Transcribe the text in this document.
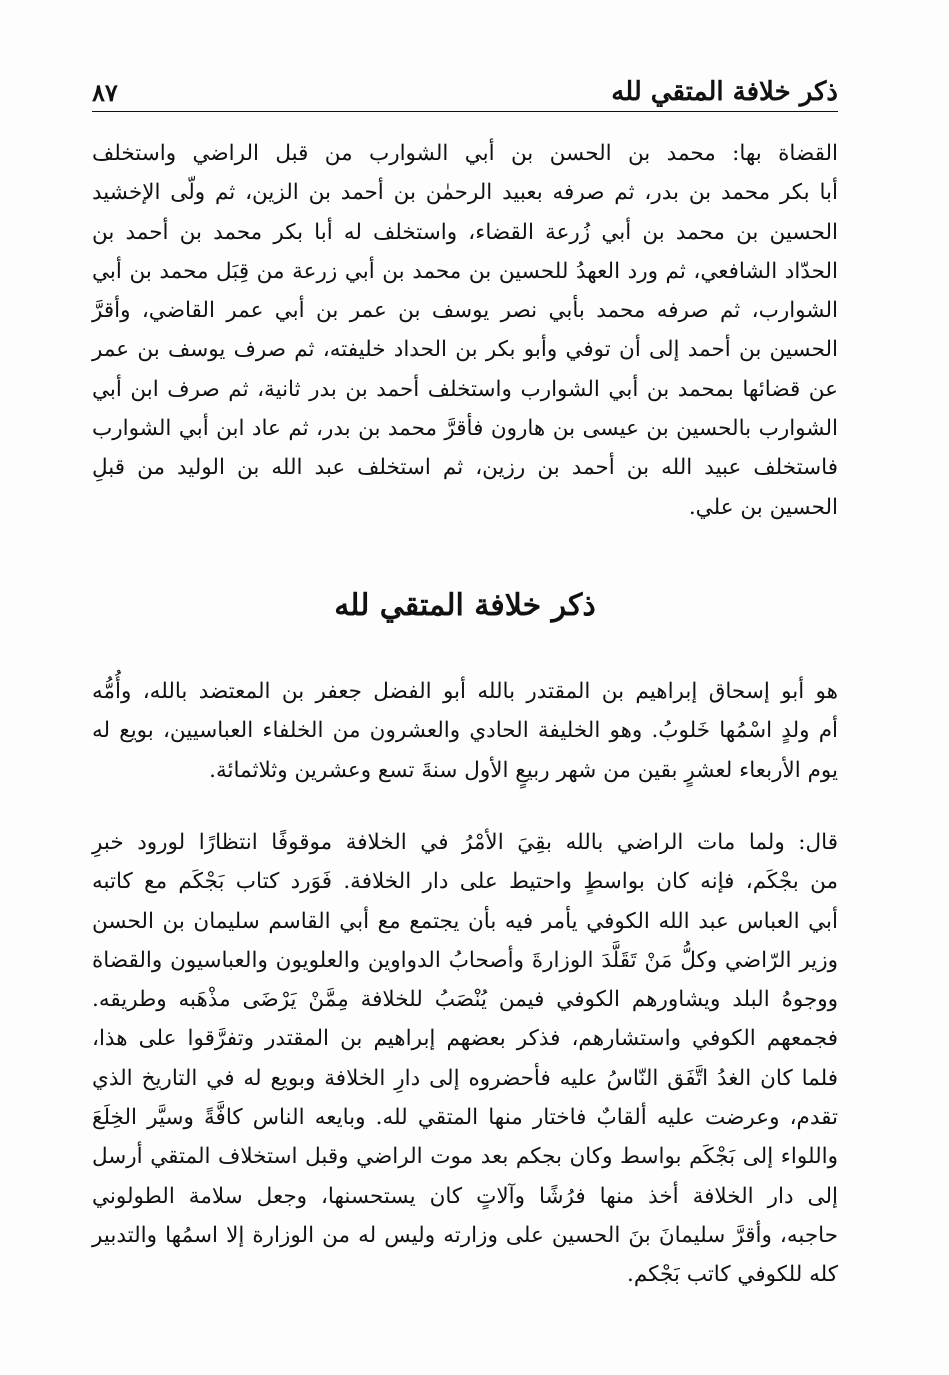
ذكر خلافة المتقي لله
٨٧

القضاة بها: محمد بن الحسن بن أبي الشوارب من قبل الراضي واستخلف
أبا بكر محمد بن بدر، ثم صرفه بعبيد الرحمٰن بن أحمد بن الزين، ثم ولّى الإخشيد
الحسين بن محمد بن أبي زُرعة القضاء، واستخلف له أبا بكر محمد بن أحمد بن
الحدّاد الشافعي، ثم ورد العهدُ للحسين بن محمد بن أبي زرعة من قِبَل محمد بن أبي
الشوارب، ثم صرفه محمد بأبي نصر يوسف بن عمر بن أبي عمر القاضي، وأقرَّ
الحسين بن أحمد إلى أن توفي وأبو بكر بن الحداد خليفته، ثم صرف يوسف بن عمر
عن قضائها بمحمد بن أبي الشوارب واستخلف أحمد بن بدر ثانية، ثم صرف ابن أبي
الشوارب بالحسين بن عيسى بن هارون فأقرَّ محمد بن بدر، ثم عاد ابن أبي الشوارب
فاستخلف عبيد الله بن أحمد بن رزين، ثم استخلف عبد الله بن الوليد من قبلِ
الحسين بن علي.

ذكر خلافة المتقي لله

هو أبو إسحاق إبراهيم بن المقتدر بالله أبو الفضل جعفر بن المعتضد بالله، وأُمُّه
أم ولدٍ اسْمُها خَلوبُ. وهو الخليفة الحادي والعشرون من الخلفاء العباسيين، بويع له
يوم الأربعاء لعشرٍ بقين من شهر ربيعٍ الأول سنةَ تسع وعشرين وثلاثمائة.

قال: ولما مات الراضي بالله بقِيَ الأمْرُ في الخلافة موقوفًا انتظارًا لورود خبرِ
من بجْكَم، فإنه كان بواسطٍ واحتيط على دار الخلافة. فَوَرد كتاب بَجْكَم مع كاتبه
أبي العباس عبد الله الكوفي يأمر فيه بأن يجتمع مع أبي القاسم سليمان بن الحسن
وزير الرّاضي وكلُّ مَنْ تَقَلَّدَ الوزارةَ وأصحابُ الدواوين والعلويون والعباسيون والقضاة
ووجوهُ البلد ويشاورهم الكوفي فيمن يُنْصَبُ للخلافة مِمَّنْ يَرْضَى مذْهَبه وطريقه.
فجمعهم الكوفي واستشارهم، فذكر بعضهم إبراهيم بن المقتدر وتفرَّقوا على هذا،
فلما كان الغدُ اتَّفَق النّاسُ عليه فأحضروه إلى دارِ الخلافة وبويع له في التاريخ الذي
تقدم، وعرضت عليه ألقابٌ فاختار منها المتقي لله. وبايعه الناس كافَّةً وسيَّر الخِلَعَ
واللواء إلى بَجْكَم بواسط وكان بجكم بعد موت الراضي وقبل استخلاف المتقي أرسل
إلى دار الخلافة أخذ منها فرُشًا وآلاتٍ كان يستحسنها، وجعل سلامة الطولوني
حاجبه، وأقرَّ سليمانَ بنَ الحسين على وزارته وليس له من الوزارة إلا اسمُها والتدبير
كله للكوفي كاتب بَجْكم.
